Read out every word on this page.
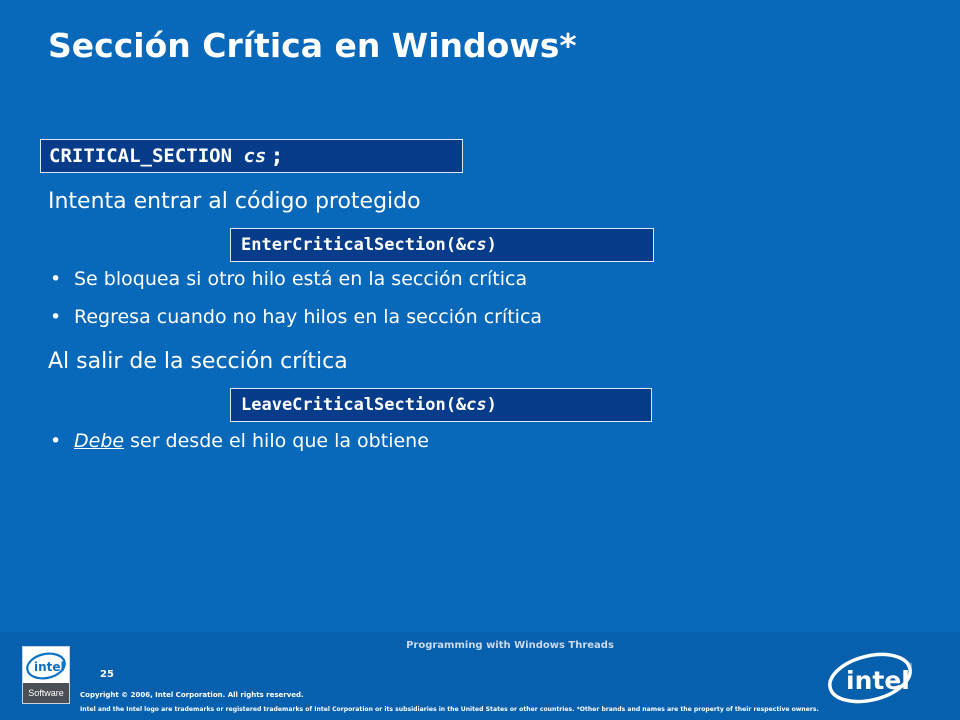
Sección Crítica en Windows*
CRITICAL_SECTION
cs ;
Intenta entrar al código protegido
EnterCriticalSection(& cs )
• Se bloquea si otro hilo está en la sección crítica
• Regresa cuando no hay hilos en la sección crítica
Al salir de la sección crítica
LeaveCriticalSection(& cs )
• Debe ser desde el hilo que la obtiene
Programming with Windows Threads
intel
Software
25
Copyright © 2006, Intel Corporation. All rights reserved.
Intel and the Intel logo are trademarks or registered trademarks of Intel Corporation or its subsidiaries in the United States or other countries. *Other brands and names are the property of their respective owners.
intel
®
